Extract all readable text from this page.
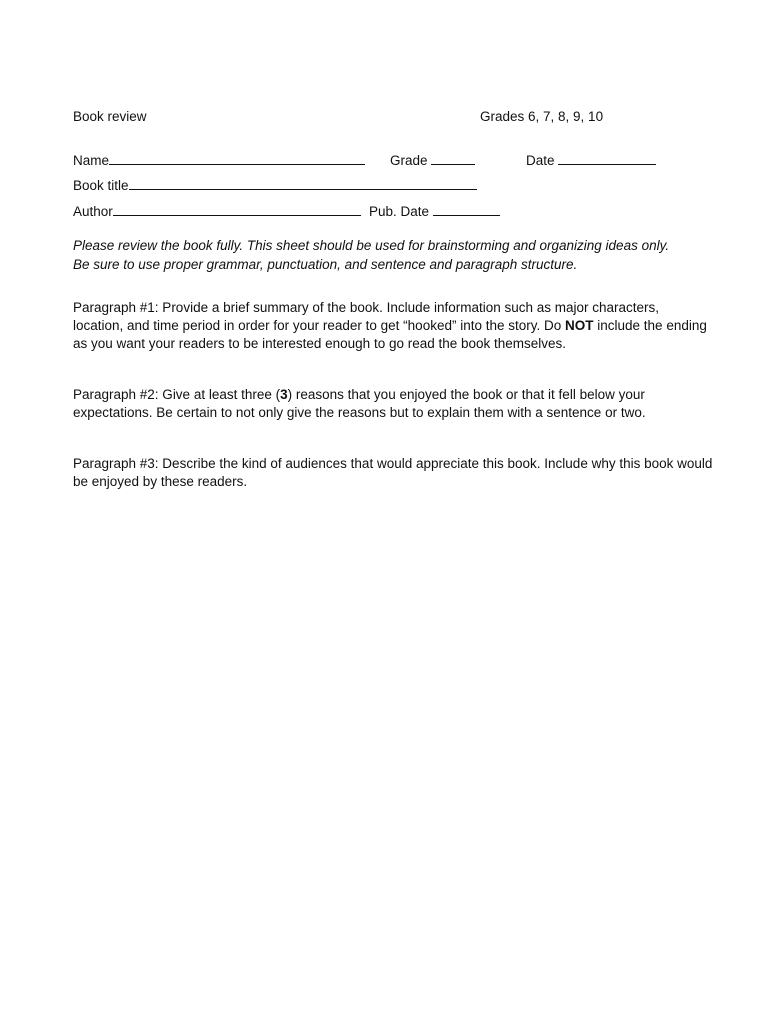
Book review	Grades 6, 7, 8, 9, 10
Name	Grade	Date
Book title
Author	Pub. Date
Please review the book fully. This sheet should be used for brainstorming and organizing ideas only.
Be sure to use proper grammar, punctuation, and sentence and paragraph structure.
Paragraph #1: Provide a brief summary of the book. Include information such as major characters, location, and time period in order for your reader to get “hooked” into the story. Do NOT include the ending as you want your readers to be interested enough to go read the book themselves.
Paragraph #2: Give at least three (3) reasons that you enjoyed the book or that it fell below your expectations. Be certain to not only give the reasons but to explain them with a sentence or two.
Paragraph #3: Describe the kind of audiences that would appreciate this book. Include why this book would be enjoyed by these readers.
